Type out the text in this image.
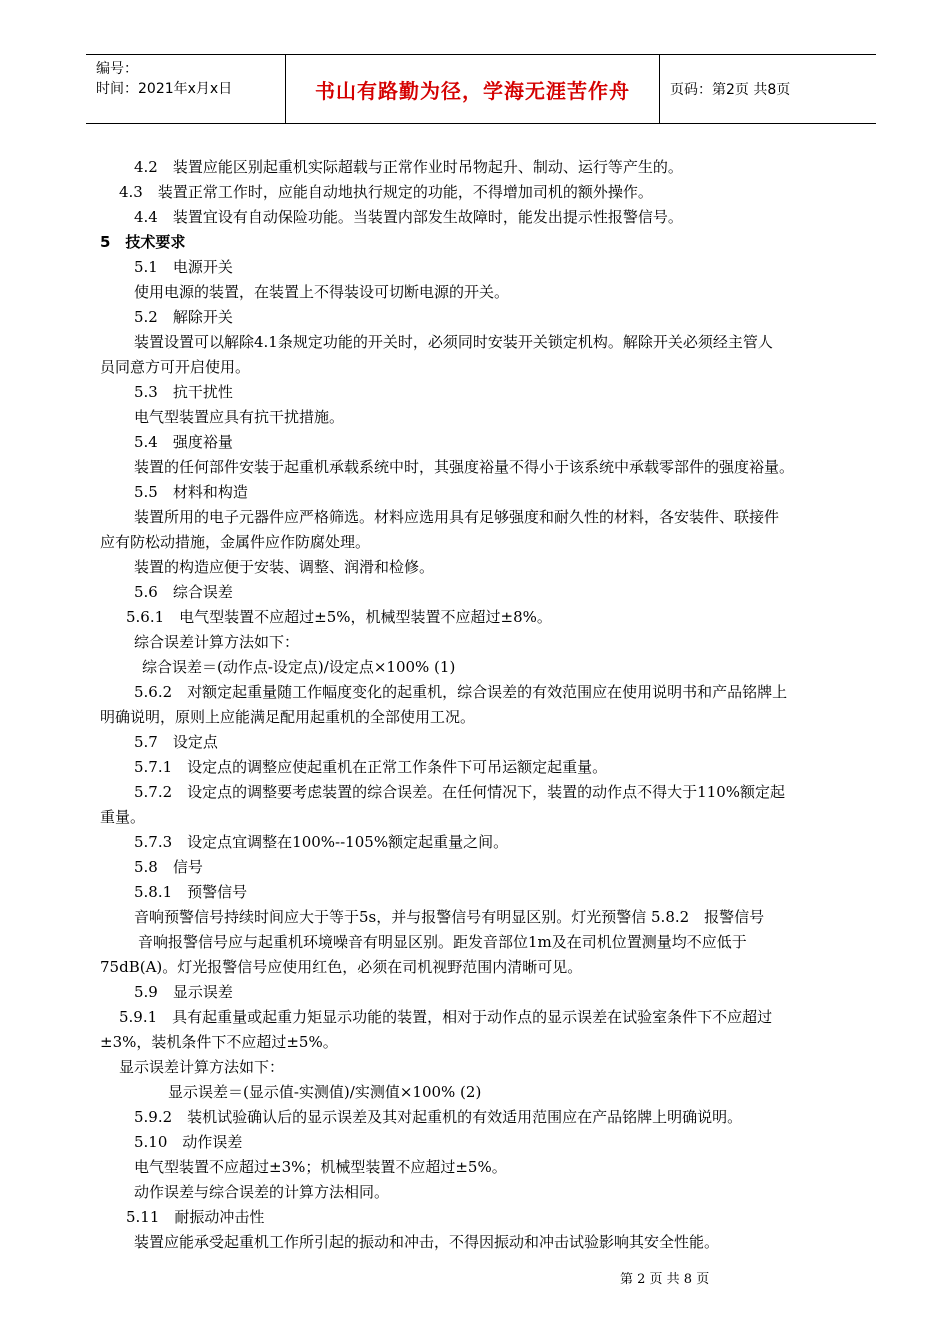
编号：
时间：2021年x月x日	书山有路勤为径，学海无涯苦作舟	页码：第2页 共8页
4.2　装置应能区别起重机实际超载与正常作业时吊物起升、制动、运行等产生的。
4.3　装置正常工作时，应能自动地执行规定的功能，不得增加司机的额外操作。
4.4　装置宜设有自动保险功能。当装置内部发生故障时，能发出提示性报警信号。
5　技术要求
5.1　电源开关
使用电源的装置，在装置上不得装设可切断电源的开关。
5.2　解除开关
装置设置可以解除4.1条规定功能的开关时，必须同时安装开关锁定机构。解除开关必须经主管人
员同意方可开启使用。
5.3　抗干扰性
电气型装置应具有抗干扰措施。
5.4　强度裕量
装置的任何部件安装于起重机承载系统中时，其强度裕量不得小于该系统中承载零部件的强度裕量。
5.5　材料和构造
装置所用的电子元器件应严格筛选。材料应选用具有足够强度和耐久性的材料，各安装件、联接件
应有防松动措施，金属件应作防腐处理。
装置的构造应便于安装、调整、润滑和检修。
5.6　综合误差
5.6.1　电气型装置不应超过±5%，机械型装置不应超过±8%。
综合误差计算方法如下：
综合误差＝(动作点-设定点)/设定点×100% (1)
5.6.2　对额定起重量随工作幅度变化的起重机，综合误差的有效范围应在使用说明书和产品铭牌上
明确说明，原则上应能满足配用起重机的全部使用工况。
5.7　设定点
5.7.1　设定点的调整应使起重机在正常工作条件下可吊运额定起重量。
5.7.2　设定点的调整要考虑装置的综合误差。在任何情况下，装置的动作点不得大于110%额定起
重量。
5.7.3　设定点宜调整在100%--105%额定起重量之间。
5.8　信号
5.8.1　预警信号
音响预警信号持续时间应大于等于5s，并与报警信号有明显区别。灯光预警信 5.8.2　报警信号
音响报警信号应与起重机环境噪音有明显区别。距发音部位1m及在司机位置测量均不应低于
75dB(A)。灯光报警信号应使用红色，必须在司机视野范围内清晰可见。
5.9　显示误差
5.9.1　具有起重量或起重力矩显示功能的装置，相对于动作点的显示误差在试验室条件下不应超过
±3%，装机条件下不应超过±5%。
显示误差计算方法如下：
显示误差＝(显示值-实测值)/实测值×100% (2)
5.9.2　装机试验确认后的显示误差及其对起重机的有效适用范围应在产品铭牌上明确说明。
5.10　动作误差
电气型装置不应超过±3%；机械型装置不应超过±5%。
动作误差与综合误差的计算方法相同。
5.11　耐振动冲击性
装置应能承受起重机工作所引起的振动和冲击，不得因振动和冲击试验影响其安全性能。
第 2 页 共 8 页
